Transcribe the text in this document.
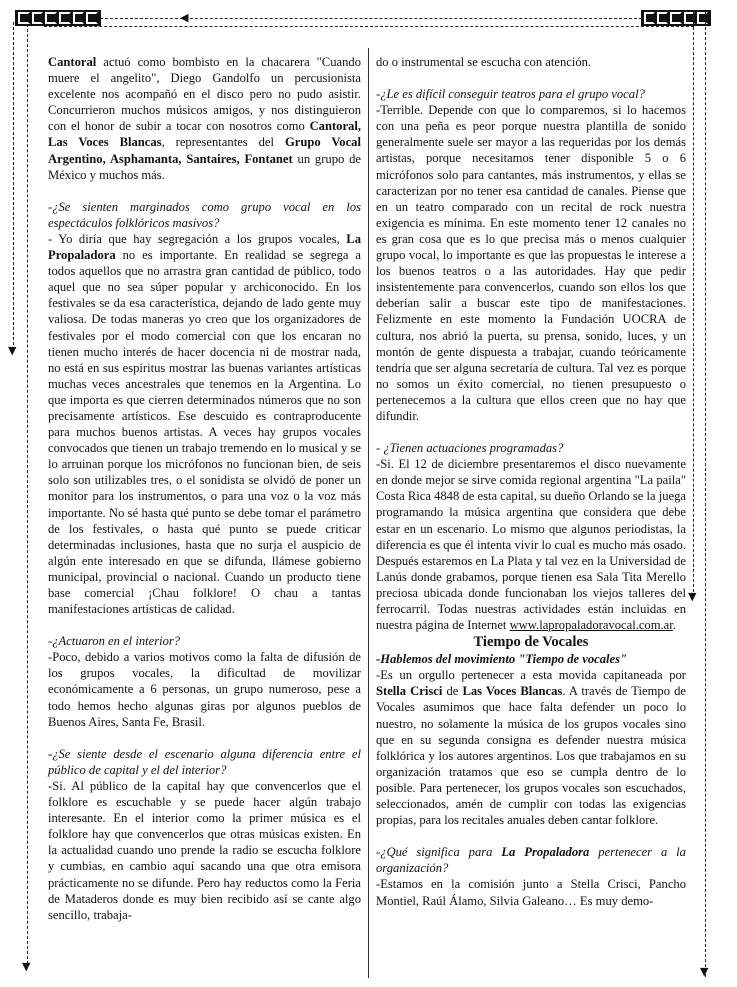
◀
▼
▼
▼
▼

Cantoral actuó como bombisto en la chacarera "Cuando muere el angelito", Diego Gandolfo un percusionista excelente nos acompañó en el disco pero no pudo asistir. Concurrieron muchos músicos amigos, y nos distinguieron con el honor de subir a tocar con nosotros como Cantoral, Las Voces Blancas, representantes del Grupo Vocal Argentino, Asphamanta, Santaires, Fontanet un grupo de México y muchos más.

-¿Se sienten marginados como grupo vocal en los espectáculos folklóricos masivos?

- Yo diría que hay segregación a los grupos vocales, La Propaladora no es importante. En realidad se segrega a todos aquellos que no arrastra gran cantidad de público, todo aquel que no sea súper popular y archiconocido. En los festivales se da esa característica, dejando de lado gente muy valiosa. De todas maneras yo creo que los organizadores de festivales por el modo comercial con que los encaran no tienen mucho interés de hacer docencia ni de mostrar nada, no está en sus espíritus mostrar las buenas variantes artísticas muchas veces ancestrales que tenemos en la Argentina. Lo que importa es que cierren determinados números que no son precisamente artísticos. Ese descuido es contraproducente para muchos buenos artistas. A veces hay grupos vocales convocados que tienen un trabajo tremendo en lo musical y se lo arruinan porque los micrófonos no funcionan bien, de seis solo son utilizables tres, o el sonidista se olvidó de poner un monitor para los instrumentos, o para una voz o la voz más importante. No sé hasta qué punto se debe tomar el parámetro de los festivales, o hasta qué punto se puede criticar determinadas inclusiones, hasta que no surja el auspicio de algún ente interesado en que se difunda, llámese gobierno municipal, provincial o nacional. Cuando un producto tiene base comercial ¡Chau folklore! O chau a tantas manifestaciones artísticas de calidad.

-¿Actuaron en el interior?

-Poco, debido a varios motivos como la falta de difusión de los grupos vocales, la dificultad de movilizar económicamente a 6 personas, un grupo numeroso, pese a todo hemos hecho algunas giras por algunos pueblos de Buenos Aires, Santa Fe, Brasil.

-¿Se siente desde el escenario alguna diferencia entre el público de capital y el del interior?

-Si. Al público de la capital hay que convencerlos que el folklore es escuchable y se puede hacer algún trabajo interesante. En el interior como la primer música es el folklore hay que convencerlos que otras músicas existen. En la actualidad cuando uno prende la radio se escucha folklore y cumbias, en cambio aquí sacando una que otra emisora prácticamente no se difunde. Pero hay reductos como la Feria de Mataderos donde es muy bien recibido así se cante algo sencillo, trabaja-

do o instrumental se escucha con atención.

-¿Le es difícil conseguir teatros para el grupo vocal?

-Terrible. Depende con que lo comparemos, si lo hacemos con una peña es peor porque nuestra plantilla de sonido generalmente suele ser mayor a las requeridas por los demás artistas, porque necesitamos tener disponible 5 o 6 micrófonos solo para cantantes, más instrumentos, y ellas se caracterizan por no tener esa cantidad de canales. Piense que en un teatro comparado con un recital de rock nuestra exigencia es mínima. En este momento tener 12 canales no es gran cosa que es lo que precisa más o menos cualquier grupo vocal, lo importante es que las propuestas le interese a los buenos teatros o a las autoridades. Hay que pedir insistentemente para convencerlos, cuando son ellos los que deberían salir a buscar este tipo de manifestaciones. Felizmente en este momento la Fundación UOCRA de cultura, nos abrió la puerta, su prensa, sonido, luces, y un montón de gente dispuesta a trabajar, cuando teóricamente tendría que ser alguna secretaría de cultura. Tal vez es porque no somos un éxito comercial, no tienen presupuesto o pertenecemos a la cultura que ellos creen que no hay que difundir.

- ¿Tienen actuaciones programadas?

-Si. El 12 de diciembre presentaremos el disco nuevamente en donde mejor se sirve comida regional argentina "La paila" Costa Rica 4848 de esta capital, su dueño Orlando se la juega programando la música argentina que considera que debe estar en un escenario. Lo mismo que algunos periodistas, la diferencia es que él intenta vivir lo cual es mucho más osado. Después estaremos en La Plata y tal vez en la Universidad de Lanús donde grabamos, porque tienen esa Sala Tita Merello preciosa ubicada donde funcionaban los viejos talleres del ferrocarril. Todas nuestras actividades están incluidas en nuestra página de Internet www.lapropaladoravocal.com.ar.

Tiempo de Vocales

-Hablemos del movimiento "Tiempo de vocales"

-Es un orgullo pertenecer a esta movida capitaneada por Stella Crisci de Las Voces Blancas. A través de Tiempo de Vocales asumimos que hace falta defender un poco lo nuestro, no solamente la música de los grupos vocales sino que en su segunda consigna es defender nuestra música folklórica y los autores argentinos. Los que trabajamos en su organización tratamos que eso se cumpla dentro de lo posible. Para pertenecer, los grupos vocales son escuchados, seleccionados, amén de cumplir con todas las exigencias propias, para los recitales anuales deben cantar folklore.

-¿Qué significa para La Propaladora pertenecer a la organización?

-Estamos en la comisión junto a Stella Crisci, Pancho Montiel, Raúl Álamo, Silvia Galeano… Es muy demo-
